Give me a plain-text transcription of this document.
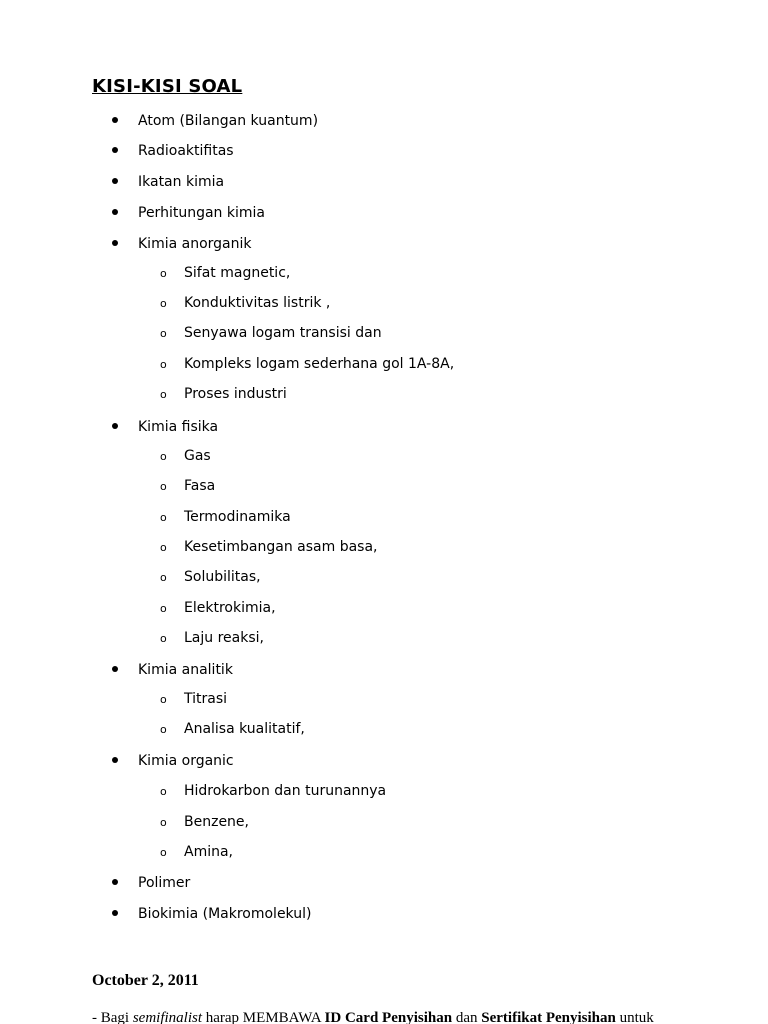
KISI-KISI SOAL
Atom (Bilangan kuantum)
Radioaktifitas
Ikatan kimia
Perhitungan kimia
Kimia anorganik
o Sifat magnetic,
o Konduktivitas listrik ,
o Senyawa logam transisi dan
o Kompleks logam sederhana gol 1A-8A,
o Proses industri
Kimia fisika
o Gas
o Fasa
o Termodinamika
o Kesetimbangan asam basa,
o Solubilitas,
o Elektrokimia,
o Laju reaksi,
Kimia analitik
o Titrasi
o Analisa kualitatif,
Kimia organic
o Hidrokarbon dan turunannya
o Benzene,
o Amina,
Polimer
Biokimia (Makromolekul)
October 2, 2011
- Bagi semifinalist harap MEMBAWA ID Card Penyisihan dan Sertifikat Penyisihan untuk
